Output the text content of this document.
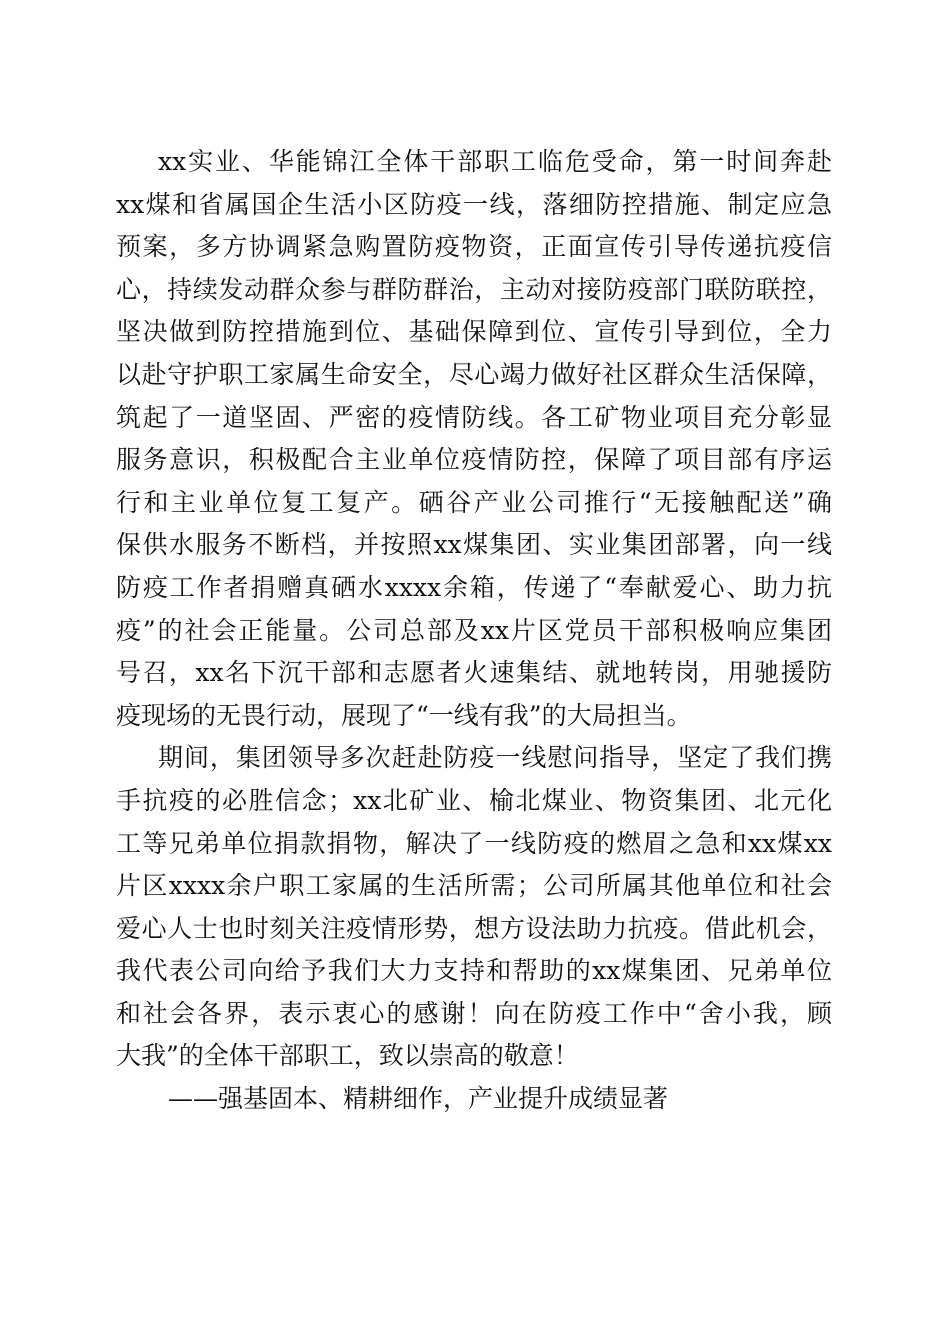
xx实业、华能锦江全体干部职工临危受命，第一时间奔赴
xx煤和省属国企生活小区防疫一线，落细防控措施、制定应急
预案，多方协调紧急购置防疫物资，正面宣传引导传递抗疫信
心，持续发动群众参与群防群治，主动对接防疫部门联防联控，
坚决做到防控措施到位、基础保障到位、宣传引导到位，全力
以赴守护职工家属生命安全，尽心竭力做好社区群众生活保障，
筑起了一道坚固、严密的疫情防线。各工矿物业项目充分彰显
服务意识，积极配合主业单位疫情防控，保障了项目部有序运
行和主业单位复工复产。硒谷产业公司推行“无接触配送”确
保供水服务不断档，并按照xx煤集团、实业集团部署，向一线
防疫工作者捐赠真硒水xxxx余箱，传递了“奉献爱心、助力抗
疫”的社会正能量。公司总部及xx片区党员干部积极响应集团
号召，xx名下沉干部和志愿者火速集结、就地转岗，用驰援防
疫现场的无畏行动，展现了“一线有我”的大局担当。
期间，集团领导多次赶赴防疫一线慰问指导，坚定了我们携
手抗疫的必胜信念；xx北矿业、榆北煤业、物资集团、北元化
工等兄弟单位捐款捐物，解决了一线防疫的燃眉之急和xx煤xx
片区xxxx余户职工家属的生活所需；公司所属其他单位和社会
爱心人士也时刻关注疫情形势，想方设法助力抗疫。借此机会，
我代表公司向给予我们大力支持和帮助的xx煤集团、兄弟单位
和社会各界，表示衷心的感谢！向在防疫工作中“舍小我，顾
大我”的全体干部职工，致以崇高的敬意！
——强基固本、精耕细作，产业提升成绩显著
